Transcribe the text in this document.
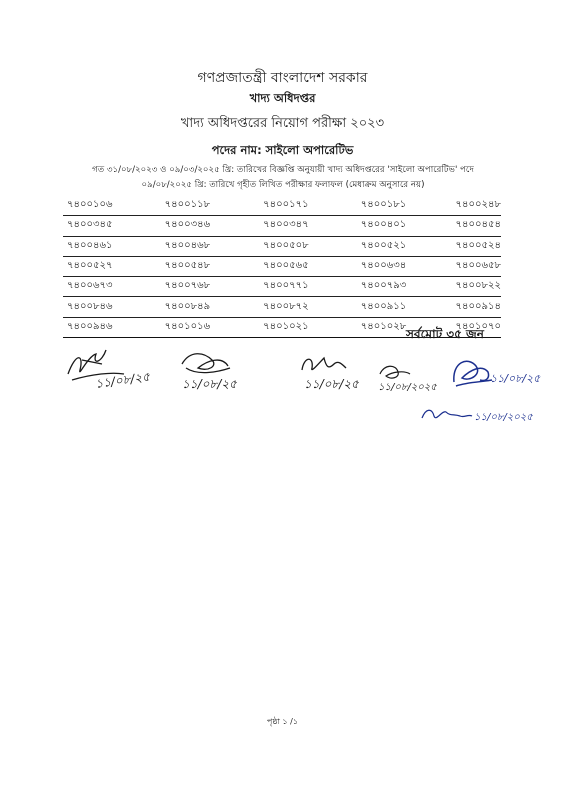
গণপ্রজাতন্ত্রী বাংলাদেশ সরকার
খাদ্য অধিদপ্তর
খাদ্য অধিদপ্তরের নিয়োগ পরীক্ষা ২০২৩
পদের নাম: সাইলো অপারেটিভ
গত ৩১/০৮/২০২৩ ও ০৯/০৩/২০২৫ খ্রি: তারিখের বিজ্ঞপ্তি অনুযায়ী খাদ্য অধিদপ্তরের 'সাইলো অপারেটিভ' পদে
০৯/০৮/২০২৫ খ্রি: তারিখে গৃহীত লিখিত পরীক্ষার ফলাফল (মেধাক্রম অনুসারে নয়)
৭৪০০১০৬	৭৪০০১১৮	৭৪০০১৭১	৭৪০০১৮১	৭৪০০২৪৮
৭৪০০৩৪৫	৭৪০০৩৪৬	৭৪০০৩৪৭	৭৪০০৪০১	৭৪০০৪৫৪
৭৪০০৪৬১	৭৪০০৪৬৮	৭৪০০৫০৮	৭৪০০৫২১	৭৪০০৫২৪
৭৪০০৫২৭	৭৪০০৫৪৮	৭৪০০৫৬৫	৭৪০০৬৩৪	৭৪০০৬৫৮
৭৪০০৬৭৩	৭৪০০৭৬৮	৭৪০০৭৭১	৭৪০০৭৯৩	৭৪০০৮২২
৭৪০০৮৪৬	৭৪০০৮৪৯	৭৪০০৮৭২	৭৪০০৯১১	৭৪০০৯১৪
৭৪০০৯৪৬	৭৪০১০১৬	৭৪০১০২১	৭৪০১০২৮	৭৪০১০৭০
সর্বমোট ৩৫ জন
১১/০৮/২৫	১১/০৮/২৫	১১/০৮/২৫ ১১/০৮/২০২৫
১১/০৮/২৫
১১/০৮/২০২৫
পৃষ্ঠা ১ /১
